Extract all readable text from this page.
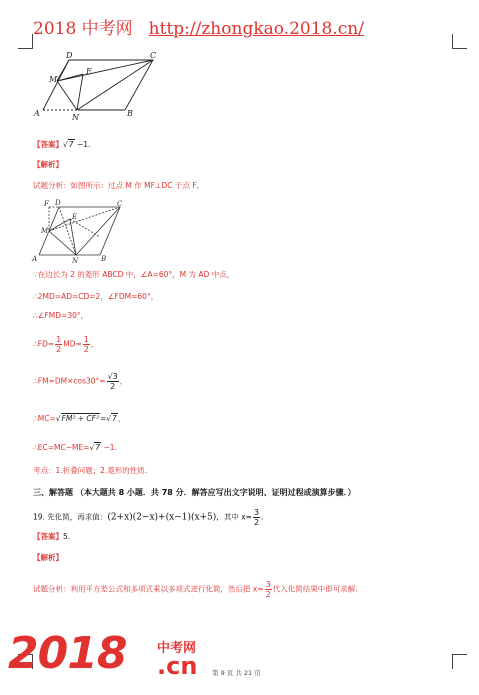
2018 中考网 http://zhongkao.2018.cn/
D	C
M
E
A	N	B
【答案】√7 −1.
【解析】
试题分析：如图所示：过点 M 作 MF⊥DC 于点 F,
F D	C
M
E
A	N	B
∵在边长为 2 的菱形 ABCD 中，∠A=60°，M 为 AD 中点，
∴2MD=AD=CD=2，∠FDM=60°，
∴∠FMD=30°，
∴FD= $\frac{1}{2} MD= \frac{1}{2}$ ，
∴FM=DM×cos30°= $\frac{√3}{2}$ ，
∴MC=√FM² + CF²=√7，
∴EC=MC−ME=√7 −1.
考点：1.折叠问题；2.菱形的性质.
三、解答题 （本大题共 8 小题．共 78 分．解答应写出文字说明、证明过程或演算步骤．）
19. 先化简，再求值：(2+x)(2−x)+(x−1)(x+5)，其中 $x= \frac{3}{2}$ .
【答案】5.
【解析】
试题分析：利用平方差公式和多项式乘以多项式进行化简，然后把 $x= \frac{3}{2}$ 代入化简结果中即可求解.
2018 中考网
.cn 第 9 页 共 21 页
